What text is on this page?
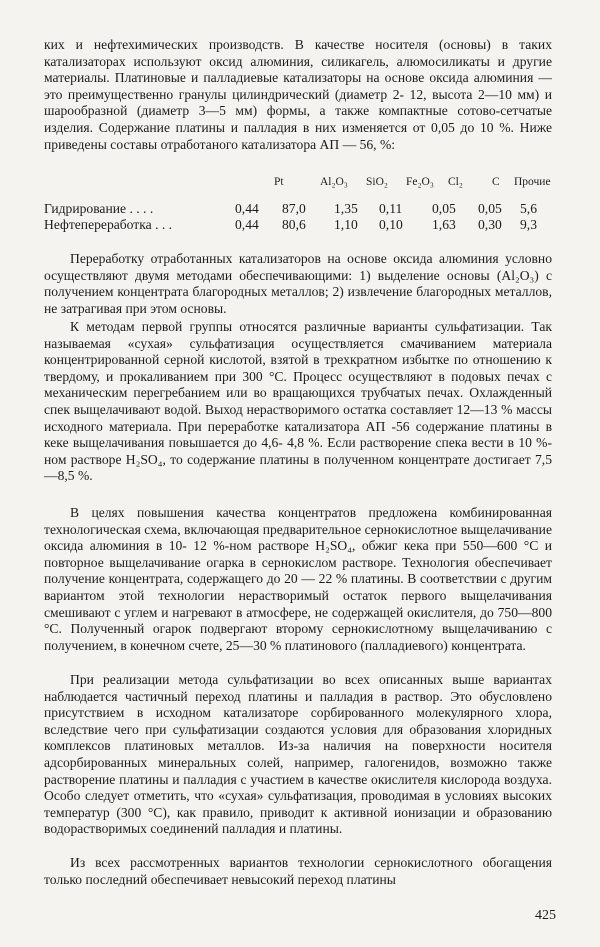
ких и нефтехимических производств. В качестве носителя (основы) в таких катализаторах используют оксид алюминия, силикагель, алюмосиликаты и другие материалы. Платиновые и палладиевые катализаторы на основе оксида алюминия — это преимущественно гранулы цилиндрический (диаметр 2- 12, высота 2—10 мм) и шарообразной (диаметр 3—5 мм) формы, а также компактные сотово-сетчатые изделия. Содержание платины и палладия в них изменяется от 0,05 до 10 %. Ниже приведены составы отработаного катализатора АП — 56, %:

Pt	Al₂O₃ SiO₂ Fe₂O₃ Cl₂	C Прочие
Гидрирование . . . .	0,44 87,0 1,35 0,11 0,05 0,05 5,6
Нефтепереработка . . .	0,44 80,6 1,10 0,10 1,63 0,30 9,3

Переработку отработанных катализаторов на основе оксида алюминия условно осуществляют двумя методами обеспечивающими: 1) выделение основы (Al₂O₃) с получением концентрата благородных металлов; 2) извлечение благородных металлов, не затрагивая при этом основы.

К методам первой группы относятся различные варианты сульфатизации. Так называемая «сухая» сульфатизация осуществляется смачиванием материала концентрированной серной кислотой, взятой в трехкратном избытке по отношению к твердому, и прокаливанием при 300 °С. Процесс осуществляют в подовых печах с механическим перегребанием или во вращающихся трубчатых печах. Охлажденный спек выщелачивают водой. Выход нерастворимого остатка составляет 12—13 % массы исходного материала. При переработке катализатора АП -56 содержание платины в кеке выщелачивания повышается до 4,6- 4,8 %. Если растворение спека вести в 10 %-ном растворе H₂SO₄, то содержание платины в полученном концентрате достигает 7,5—8,5 %.

В целях повышения качества концентратов предложена комбинированная технологическая схема, включающая предварительное сернокислотное выщелачивание оксида алюминия в 10- 12 %-ном растворе H₂SO₄, обжиг кека при 550—600 °С и повторное выщелачивание огарка в сернокислом растворе. Технология обеспечивает получение концентрата, содержащего до 20 — 22 % платины. В соответствии с другим вариантом этой технологии нерастворимый остаток первого выщелачивания смешивают с углем и нагревают в атмосфере, не содержащей окислителя, до 750—800 °С. Полученный огарок подвергают второму сернокислотному выщелачиванию с получением, в конечном счете, 25—30 % платинового (палладиевого) концентрата.

При реализации метода сульфатизации во всех описанных выше вариантах наблюдается частичный переход платины и палладия в раствор. Это обусловлено присутствием в исходном катализаторе сорбированного молекулярного хлора, вследствие чего при сульфатизации создаются условия для образования хлоридных комплексов платиновых металлов. Из-за наличия на поверхности носителя адсорбированных минеральных солей, например, галогенидов, возможно также растворение платины и палладия с участием в качестве окислителя кислорода воздуха. Особо следует отметить, что «сухая» сульфатизация, проводимая в условиях высоких температур (300 °С), как правило, приводит к активной ионизации и образованию водорастворимых соединений палладия и платины.

Из всех рассмотренных вариантов технологии сернокислотного обогащения только последний обеспечивает невысокий переход платины

425
